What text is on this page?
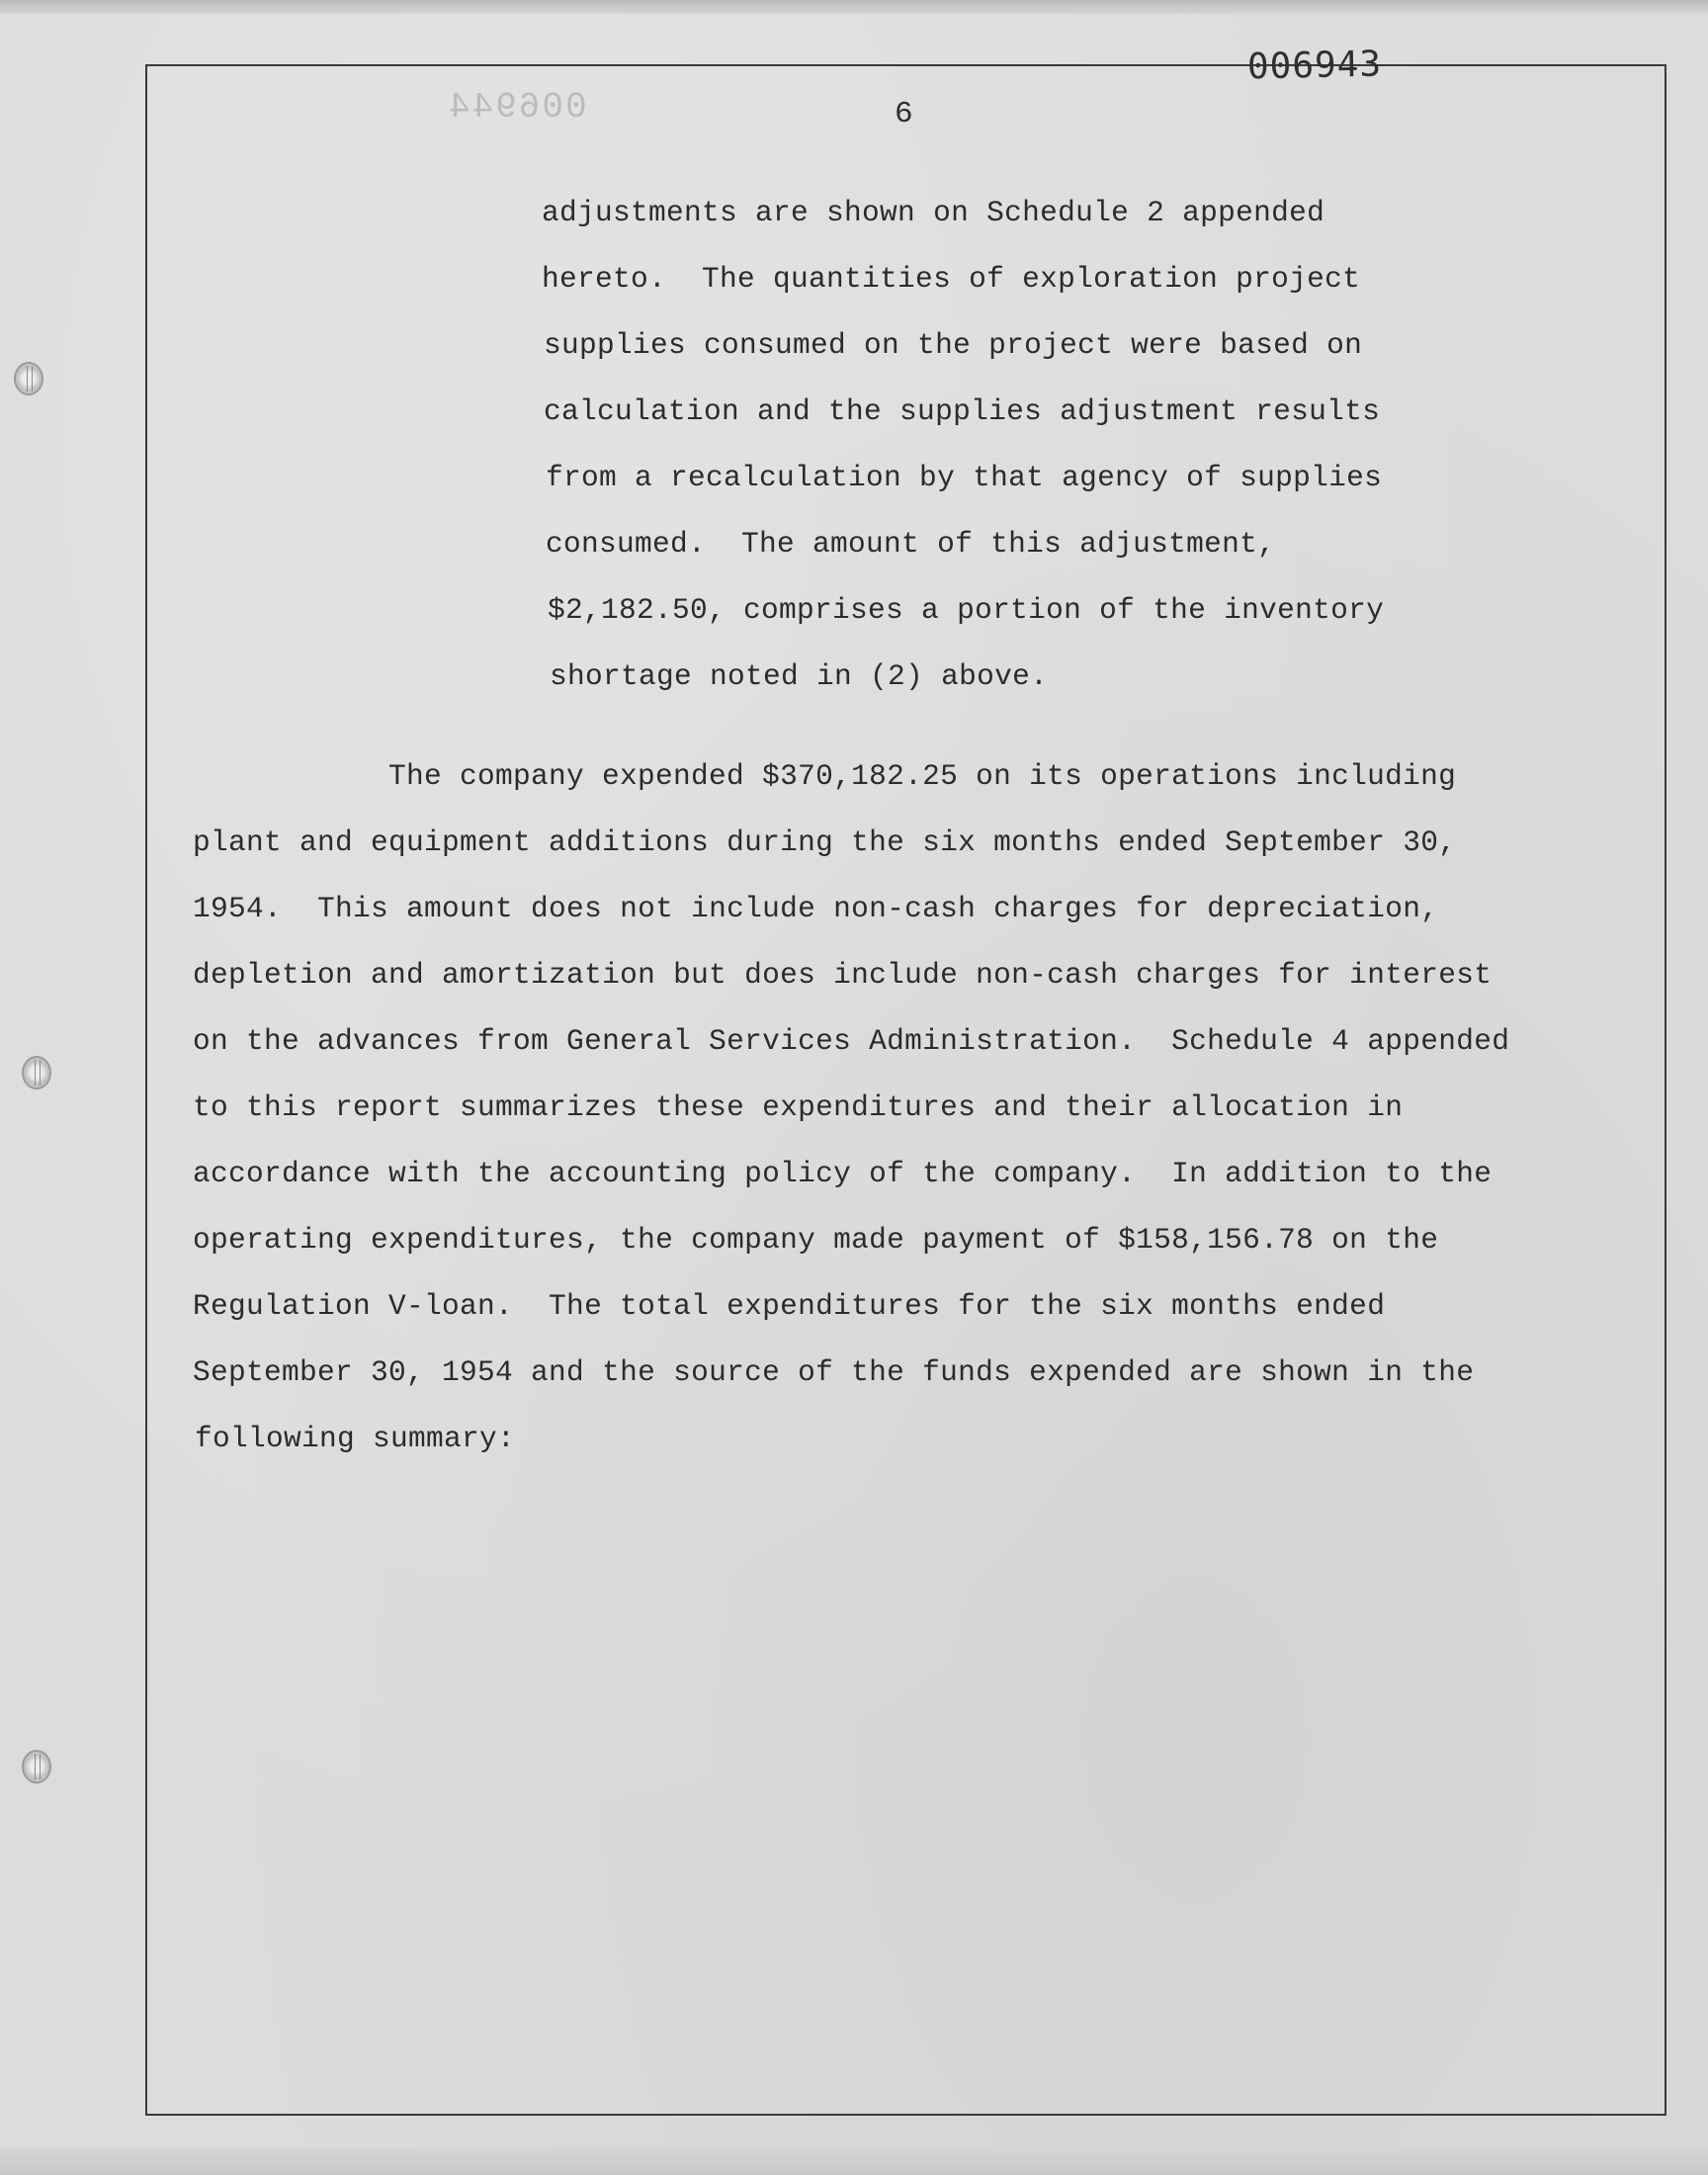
006944
006943
6
adjustments are shown on Schedule 2 appended
hereto.  The quantities of exploration project
supplies consumed on the project were based on
calculation and the supplies adjustment results
from a recalculation by that agency of supplies
consumed.  The amount of this adjustment,
$2,182.50, comprises a portion of the inventory
shortage noted in (2) above.
The company expended $370,182.25 on its operations including
plant and equipment additions during the six months ended September 30,
1954.  This amount does not include non-cash charges for depreciation,
depletion and amortization but does include non-cash charges for interest
on the advances from General Services Administration.  Schedule 4 appended
to this report summarizes these expenditures and their allocation in
accordance with the accounting policy of the company.  In addition to the
operating expenditures, the company made payment of $158,156.78 on the
Regulation V-loan.  The total expenditures for the six months ended
September 30, 1954 and the source of the funds expended are shown in the
following summary:
